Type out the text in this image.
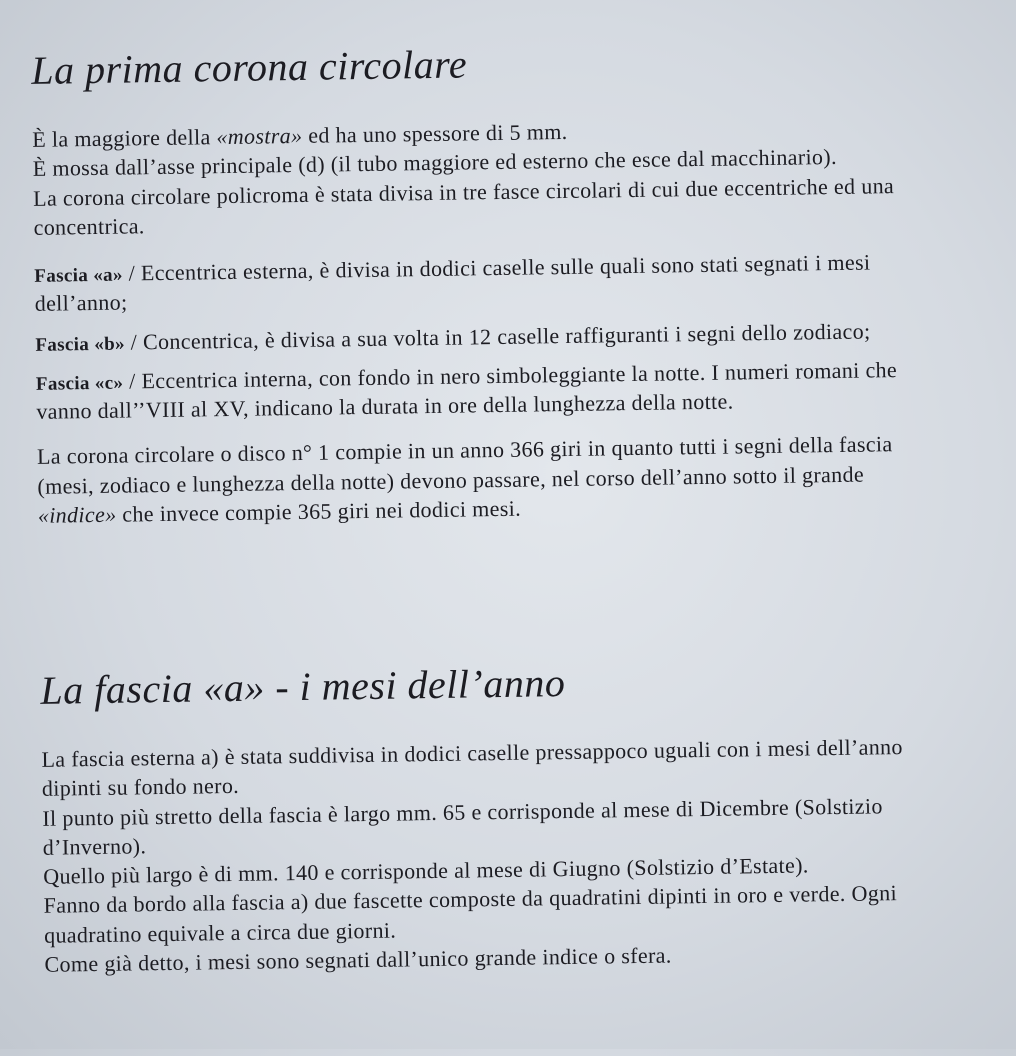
La prima corona circolare

È la maggiore della «mostra» ed ha uno spessore di 5 mm.

È mossa dall’asse principale (d) (il tubo maggiore ed esterno che esce dal macchinario).

La corona circolare policroma è stata divisa in tre fasce circolari di cui due eccentriche ed una concentrica.

Fascia «a» / Eccentrica esterna, è divisa in dodici caselle sulle quali sono stati segnati i mesi dell’anno;

Fascia «b» / Concentrica, è divisa a sua volta in 12 caselle raffiguranti i segni dello zodiaco;

Fascia «c» / Eccentrica interna, con fondo in nero simboleggiante la notte. I numeri romani che vanno dall’’VIII al XV, indicano la durata in ore della lunghezza della notte.

La corona circolare o disco n° 1 compie in un anno 366 giri in quanto tutti i segni della fascia (mesi, zodiaco e lunghezza della notte) devono passare, nel corso dell’anno sotto il grande «indice» che invece compie 365 giri nei dodici mesi.

La fascia «a» - i mesi dell’anno

La fascia esterna a) è stata suddivisa in dodici caselle pressappoco uguali con i mesi dell’anno dipinti su fondo nero.

Il punto più stretto della fascia è largo mm. 65 e corrisponde al mese di Dicembre (Solstizio d’Inverno).

Quello più largo è di mm. 140 e corrisponde al mese di Giugno (Solstizio d’Estate).

Fanno da bordo alla fascia a) due fascette composte da quadratini dipinti in oro e verde. Ogni quadratino equivale a circa due giorni.

Come già detto, i mesi sono segnati dall’unico grande indice o sfera.
